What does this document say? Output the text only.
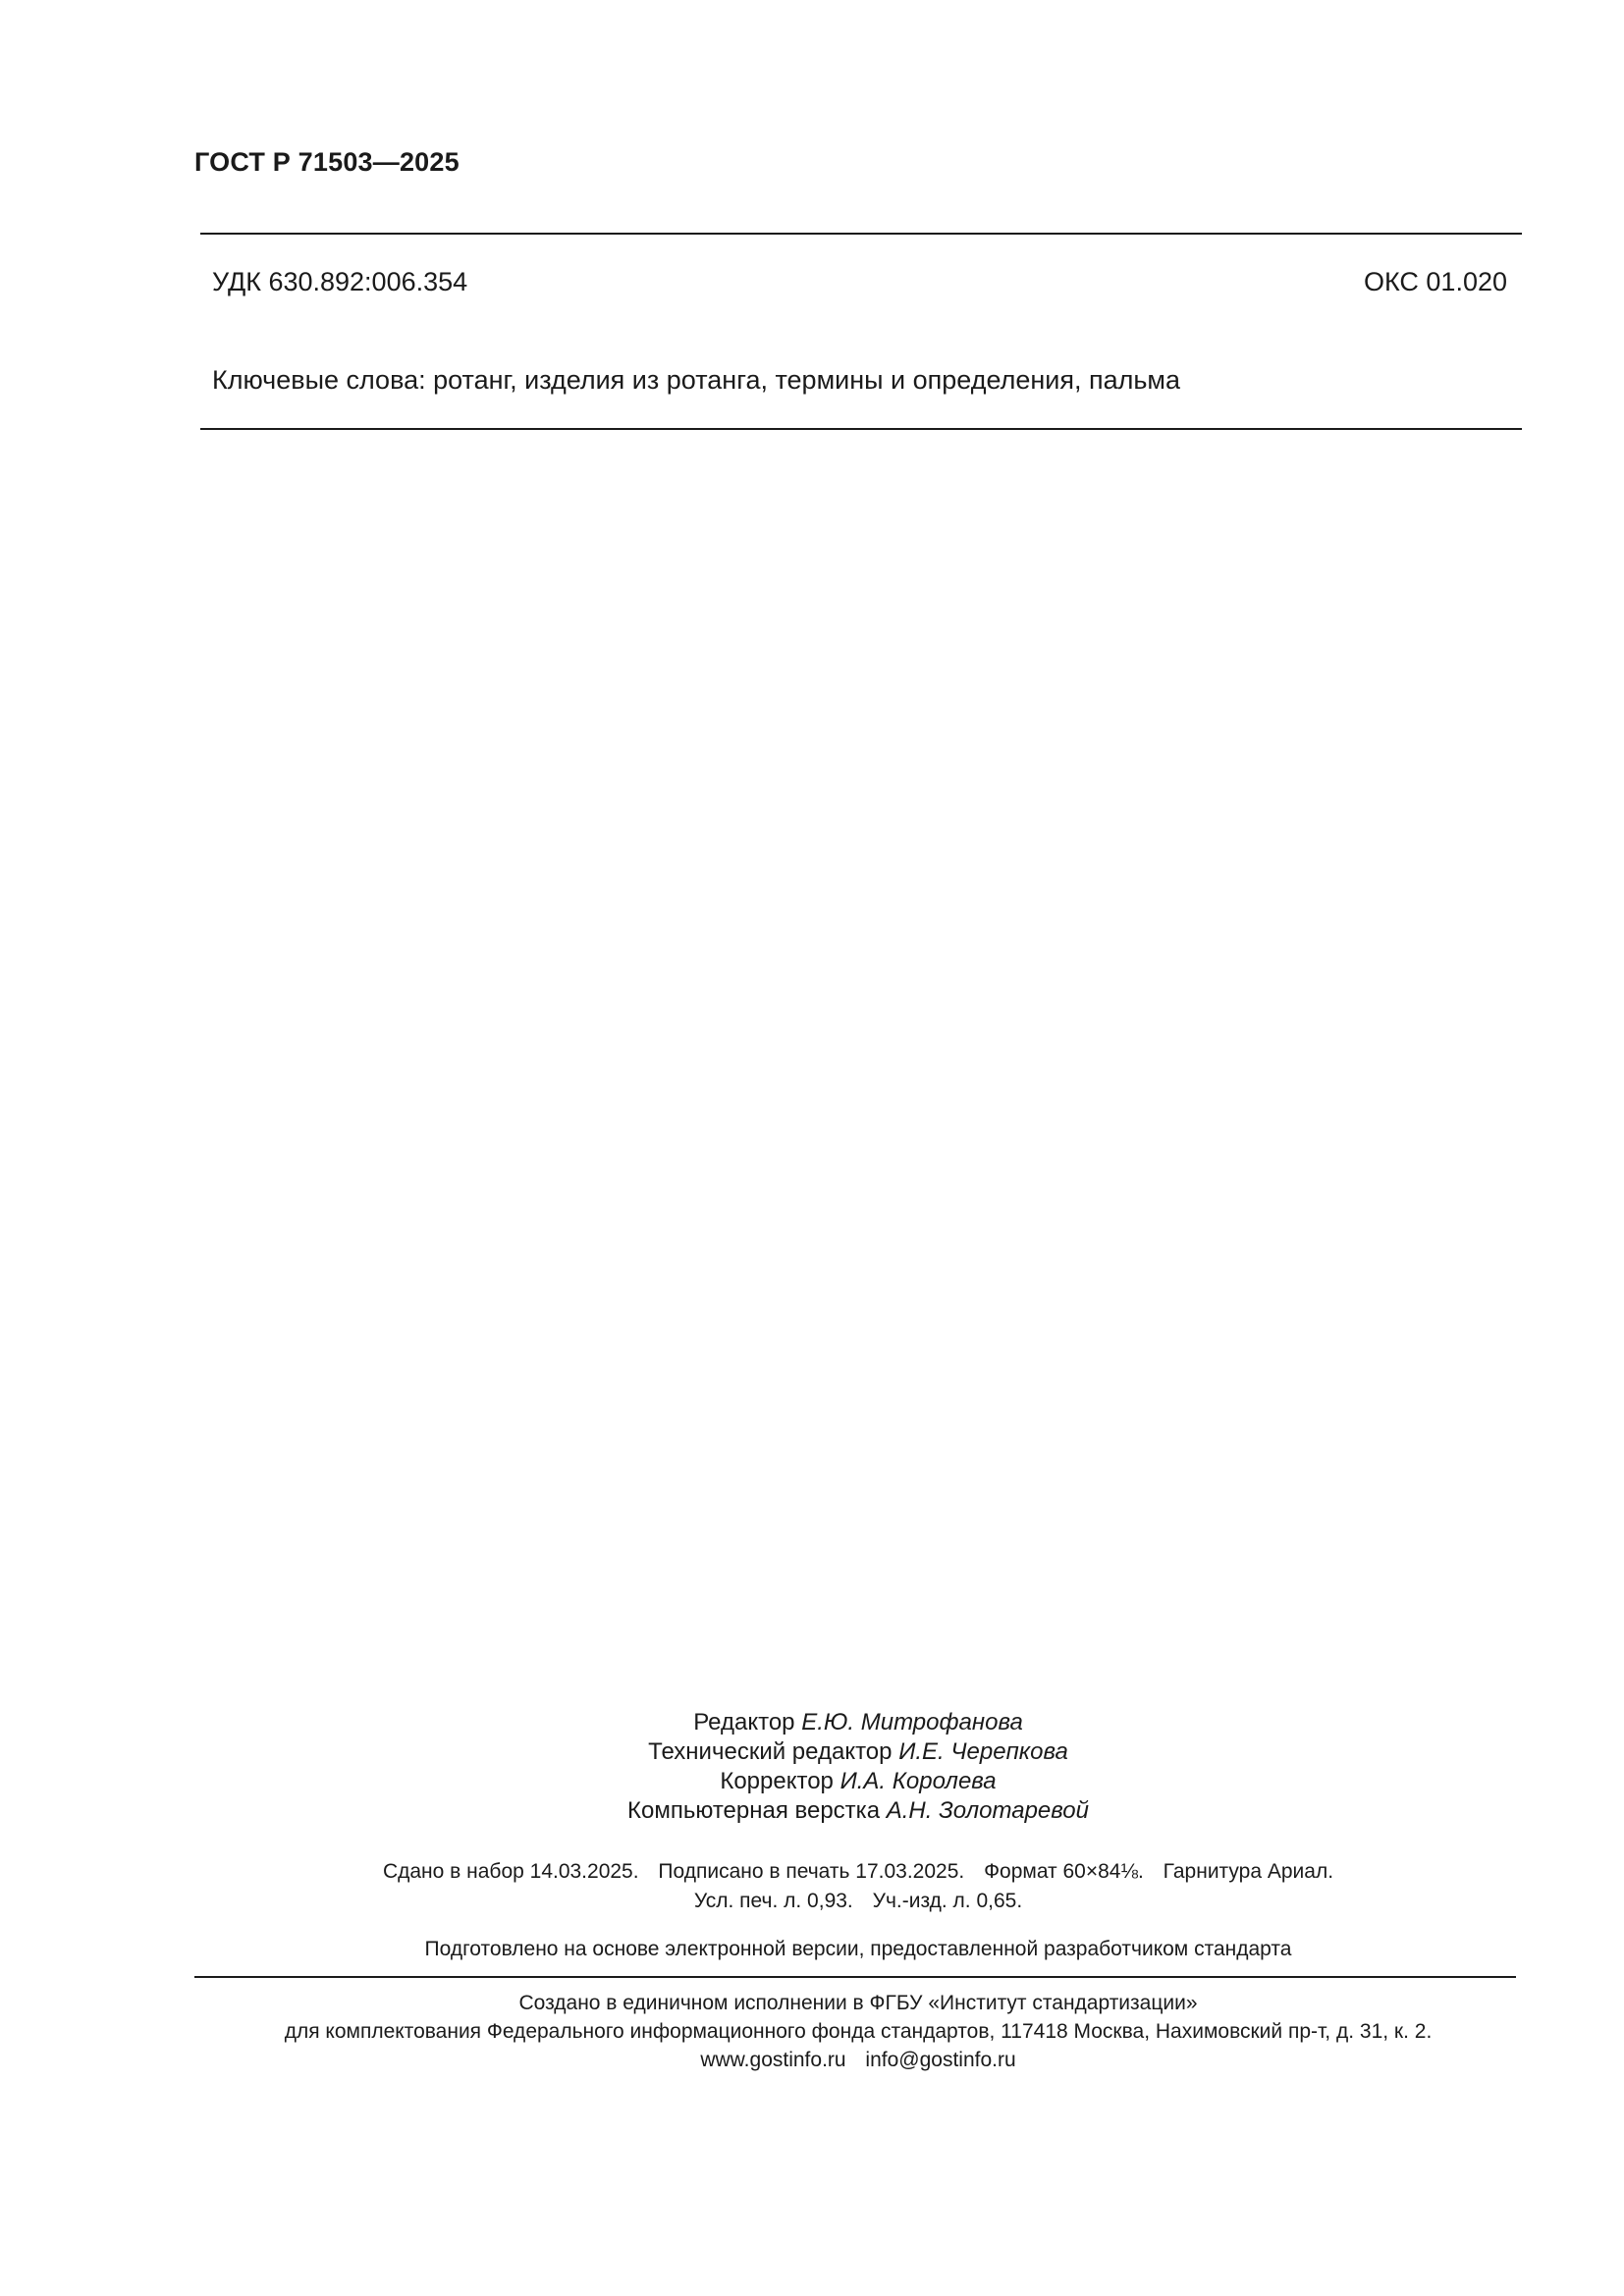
ГОСТ Р 71503—2025
УДК 630.892:006.354	ОКС 01.020
Ключевые слова: ротанг, изделия из ротанга, термины и определения, пальма
Редактор Е.Ю. Митрофанова
Технический редактор И.Е. Черепкова
Корректор И.А. Королева
Компьютерная верстка А.Н. Золотаревой
Сдано в набор 14.03.2025. Подписано в печать 17.03.2025. Формат 60×84⅛. Гарнитура Ариал.
Усл. печ. л. 0,93. Уч.-изд. л. 0,65.
Подготовлено на основе электронной версии, предоставленной разработчиком стандарта
Создано в единичном исполнении в ФГБУ «Институт стандартизации»
для комплектования Федерального информационного фонда стандартов, 117418 Москва, Нахимовский пр-т, д. 31, к. 2.
www.gostinfo.ru info@gostinfo.ru
